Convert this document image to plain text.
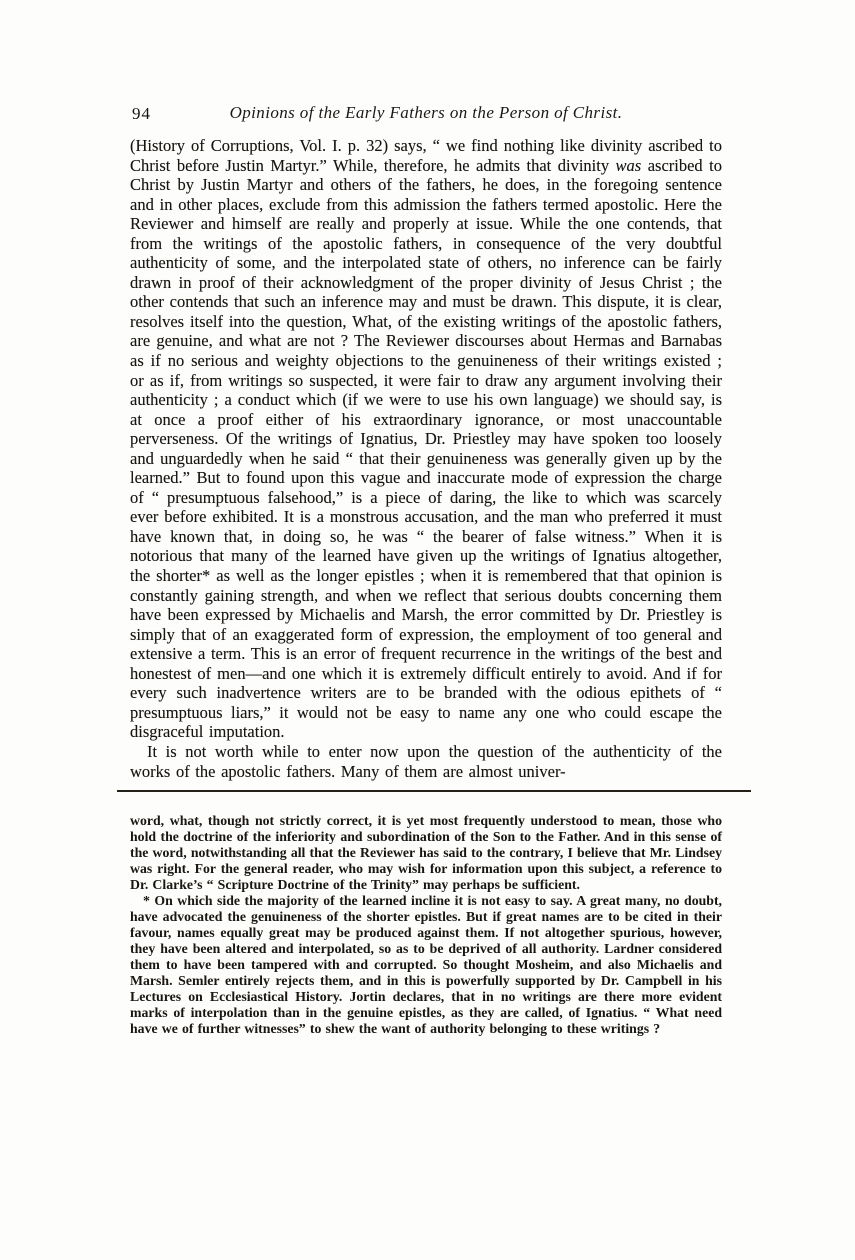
94	Opinions of the Early Fathers on the Person of Christ.

(History of Corruptions, Vol. I. p. 32) says, “ we find nothing like divinity ascribed to Christ before Justin Martyr.” While, therefore, he admits that divinity was ascribed to Christ by Justin Martyr and others of the fathers, he does, in the foregoing sentence and in other places, exclude from this admission the fathers termed apostolic. Here the Reviewer and himself are really and properly at issue. While the one contends, that from the writings of the apostolic fathers, in consequence of the very doubtful authenticity of some, and the interpolated state of others, no inference can be fairly drawn in proof of their acknowledgment of the proper divinity of Jesus Christ ; the other contends that such an inference may and must be drawn. This dispute, it is clear, resolves itself into the question, What, of the existing writings of the apostolic fathers, are genuine, and what are not ? The Reviewer discourses about Hermas and Barnabas as if no serious and weighty objections to the genuineness of their writings existed ; or as if, from writings so suspected, it were fair to draw any argument involving their authenticity ; a conduct which (if we were to use his own language) we should say, is at once a proof either of his extraordinary ignorance, or most unaccountable perverseness. Of the writings of Ignatius, Dr. Priestley may have spoken too loosely and unguardedly when he said “ that their genuineness was generally given up by the learned.” But to found upon this vague and inaccurate mode of expression the charge of “ presumptuous falsehood,” is a piece of daring, the like to which was scarcely ever before exhibited. It is a monstrous accusation, and the man who preferred it must have known that, in doing so, he was “ the bearer of false witness.” When it is notorious that many of the learned have given up the writings of Ignatius altogether, the shorter* as well as the longer epistles ; when it is remembered that that opinion is constantly gaining strength, and when we reflect that serious doubts concerning them have been expressed by Michaelis and Marsh, the error committed by Dr. Priestley is simply that of an exaggerated form of expression, the employment of too general and extensive a term. This is an error of frequent recurrence in the writings of the best and honestest of men—and one which it is extremely difficult entirely to avoid. And if for every such inadvertence writers are to be branded with the odious epithets of “ presumptuous liars,” it would not be easy to name any one who could escape the disgraceful imputation.

It is not worth while to enter now upon the question of the authenticity of the works of the apostolic fathers. Many of them are almost univer-

word, what, though not strictly correct, it is yet most frequently understood to mean, those who hold the doctrine of the inferiority and subordination of the Son to the Father. And in this sense of the word, notwithstanding all that the Reviewer has said to the contrary, I believe that Mr. Lindsey was right. For the general reader, who may wish for information upon this subject, a reference to Dr. Clarke’s “ Scripture Doctrine of the Trinity” may perhaps be sufficient.

* On which side the majority of the learned incline it is not easy to say. A great many, no doubt, have advocated the genuineness of the shorter epistles. But if great names are to be cited in their favour, names equally great may be produced against them. If not altogether spurious, however, they have been altered and interpolated, so as to be deprived of all authority. Lardner considered them to have been tampered with and corrupted. So thought Mosheim, and also Michaelis and Marsh. Semler entirely rejects them, and in this is powerfully supported by Dr. Campbell in his Lectures on Ecclesiastical History. Jortin declares, that in no writings are there more evident marks of interpolation than in the genuine epistles, as they are called, of Ignatius. “ What need have we of further witnesses” to shew the want of authority belonging to these writings ?
